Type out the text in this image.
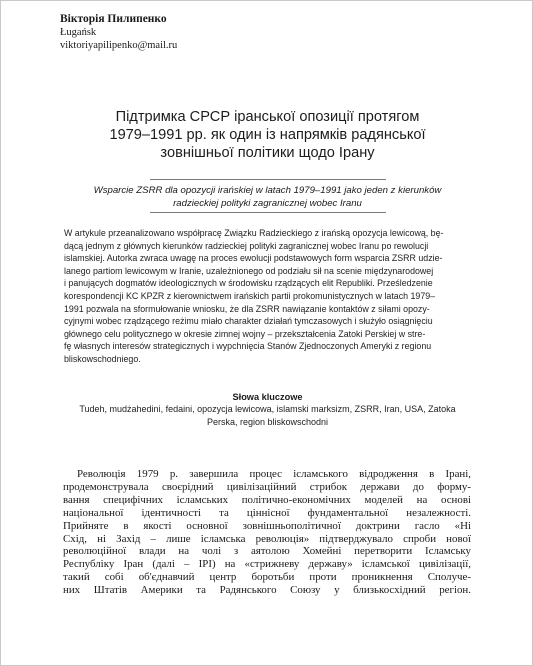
Вікторія Пилипенко
Ługańsk
viktoriyapilipenko@mail.ru
Підтримка СРСР іранської опозиції протягом
1979–1991 рр. як один із напрямків радянської
зовнішньої політики щодо Ірану
Wsparcie ZSRR dla opozycji irańskiej w latach 1979–1991 jako jeden z kierunków
radzieckiej polityki zagranicznej wobec Iranu
W artykule przeanalizowano współpracę Związku Radzieckiego z irańską opozycja lewicową, bę-
dącą jednym z głównych kierunków radzieckiej polityki zagranicznej wobec Iranu po rewolucji
islamskiej. Autorka zwraca uwagę na proces ewolucji podstawowych form wsparcia ZSRR udzie-
lanego partiom lewicowym w Iranie, uzależnionego od podziału sił na scenie międzynarodowej
i panujących dogmatów ideologicznych w środowisku rządzących elit Republiki. Prześledzenie
korespondencji KC KPZR z kierownictwem irańskich partii prokomunistycznych w latach 1979–
1991 pozwala na sformułowanie wniosku, że dla ZSRR nawiązanie kontaktów z siłami opozy-
cyjnymi wobec rządzącego reżimu miało charakter działań tymczasowych i służyło osiągnięciu
głównego celu politycznego w okresie zimnej wojny – przekształcenia Zatoki Perskiej w stre-
fę własnych interesów strategicznych i wypchnięcia Stanów Zjednoczonych Ameryki z regionu
bliskowschodniego.
Słowa kluczowe
Tudeh, mudżahedini, fedaini, opozycja lewicowa, islamski marksizm, ZSRR, Iran, USA, Zatoka
Perska, region bliskowschodni
Революція 1979 р. завершила процес ісламського відродження в Ірані,
продемонструвала своєрідний цивілізаційний стрибок держави до форму-
вання специфічних ісламських політично-економічних моделей на основі
національної ідентичності та ціннісної фундаментальної незалежності.
Прийняте в якості основної зовнішньополітичної доктрини гасло «Ні
Схід, ні Захід – лише ісламська революція» підтверджувало спроби нової
революційної влади на чолі з аятолою Хомейні перетворити Ісламську
Республіку Іран (далі – ІРІ) на «стрижневу державу» ісламської цивілізації,
такий собі об'єднавчий центр боротьби проти проникнення Сполуче-
них Штатів Америки та Радянського Союзу у близькосхідний регіон.
